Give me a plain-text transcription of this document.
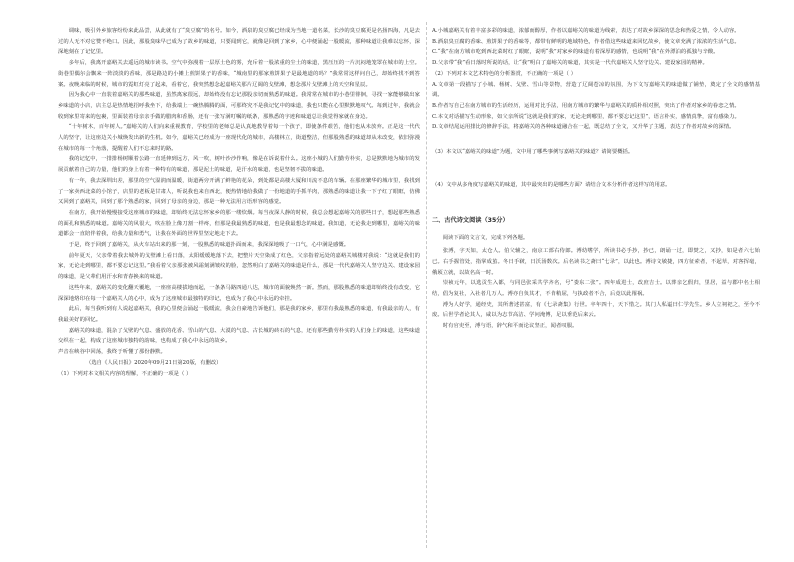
调味，吸引外乡旅客纷纷来此品尝，从此就有了“臭豆腐”的名号。如今，酒泉的臭豆腐已经成为当地一道名菜，长沙的臭豆腐更是名扬四海，凡是去过的人无不对它赞不绝口。因此，那股臭味早已成为了故乡的味道，只要闻到它，就像是回到了家乡，心中便涌起一股暖流，那种味道让我难以忘怀，深深地刻在了记忆里。

多年后，我离开嘉峪关去遥远的城市读书。空气中弥漫着一层厚土色的雾，充斥着一股浓重的尘土的味道，黑压压的一片沉闷地笼罩在城市的上空。街巷里偶尔会飘来一阵淡淡的香味，那是路边的小摊上煎饼果子的香味，“城南里的那家煎饼果子是最地道的吗？”我常常这样问自己，却始终找不到答案。夜晚来临的时候，城市的霓虹灯亮了起来，看着它，我突然想念起嘉峪关那片辽阔的戈壁滩，想念那片戈壁滩上的天空和星辰。

因为我心中一直装着嘉峪关的那些味道，虽然离家很远，却始终没有忘记那股亲切而熟悉的味道。我常常在城市的小巷里徘徊，寻找一家能够做出家乡味道的小店，店主总是热情地招呼我坐下，给我端上一碗热腾腾的面，可那终究不是我记忆中的味道，我也只能在心里默默地叹气。每到过年，我就会收到家里寄来的包裹，里面装着母亲亲手做的腊肉和香肠，还有一张写满叮嘱的纸条，那熟悉的字迹和味道总让我觉得家就在身边。

“十年树木，百年树人。”嘉峪关的人们向来重视教育，学校里的老师总是认真地教导着每一个孩子，即使条件艰苦，他们也从未放弃。正是这一代代人的坚守，让这座边关小城焕发出新的生机。如今，嘉峪关已经成为一座现代化的城市，高楼林立，街道整洁，但那股熟悉的味道却从未改变，依旧弥漫在城市的每一个角落，提醒着人们不忘来时的路。

我的记忆中，一排排杨树顺着公路一直延伸到远方，风一吹，树叶沙沙作响，像是在诉说着什么。这座小城的人们勤劳朴实，总是默默地为城市的发展贡献着自己的力量，他们的身上有着一种特有的味道，那是泥土的味道，是汗水的味道，也是坚韧不拔的味道。

有一年，我去深圳出差，那里的空气湿润而温暖，街道两旁开满了鲜艳的花朵，到处都是高楼大厦和川流不息的车辆。在那座繁华的城市里，我找到了一家卖西北菜的小馆子，店里的老板是甘肃人，听说我也来自西北，便热情地给我做了一份地道的手抓羊肉，那熟悉的味道让我一下子红了眼眶，仿佛又回到了嘉峪关，回到了那个熟悉的家，回到了母亲的身边，那是一种无法用言语形容的感觉。

在南方，我开始慢慢接受这座城市的味道，却始终无法忘怀家乡的那一缕炊烟。每当夜深人静的时候，我总会想起嘉峪关的那些日子，想起那些熟悉的面孔和熟悉的味道。嘉峪关的风很大，吹在脸上像刀割一样疼，但那是我最熟悉的味道，也是我最想念的味道。我知道，无论我走到哪里，嘉峪关的味道都会一直陪伴着我，给我力量和勇气，让我在外面的世界里坚定地走下去。

于是，终于回到了嘉峪关，从火车站出来的那一刻，一股熟悉的味道扑面而来，我深深地吸了一口气，心中满是感慨。

前年夏天，父亲带着我去城外的戈壁滩上看日落，太阳缓缓地落下去，把整片天空染成了红色，父亲指着远处的嘉峪关城楼对我说：“这就是我们的家，无论走到哪里，都不要忘记这里。”我看着父亲那张被风霜刻满皱纹的脸，忽然明白了嘉峪关的味道是什么，那是一代代嘉峪关人坚守边关、建设家园的味道，是父辈们用汗水和青春换来的味道。

这些年来，嘉峪关的变化翻天覆地，一座座高楼拔地而起，一条条马路四通八达，城市的面貌焕然一新。然而，那股熟悉的味道却始终没有改变，它深深地烙印在每一个嘉峪关人的心中，成为了这座城市最独特的印记，也成为了我心中永远的牵挂。

此后，每当我听到有人说起嘉峪关，我的心里便会涌起一股暖流，我会自豪地告诉他们，那是我的家乡，那里有我最熟悉的味道，有我最亲的人，有我最美好的回忆。

嘉峪关的味道，混杂了戈壁的气息、盛放的花香、雪山的气息、大漠的气息、古长城的砖石的气息，还有那些勤劳朴实的人们身上的味道，这些味道交织在一起，构成了这座城市独特的韵味，也构成了我心中永远的故乡。

声音在峡谷中回荡，我终于听懂了那份静默。

（选自《人民日报》2020年09月21日第20版，有删改）

（1）下列对本文相关内容的理解，不正确的一项是（ ）

A.小城嘉峪关有着丰富多彩的味道，浓郁而醇厚，作者以嘉峪关的味道为线索，表达了对故乡深深的思念和热爱之情，令人动容。

B.酒泉臭豆腐的香味、煎饼果子的香味等，都带有鲜明的地域特色，作者借这些味道来回忆故乡，使文章充满了浓浓的生活气息。

C.“我”在南方城市吃到西北菜时红了眼眶，说明“我”对家乡的味道有着深厚的感情，也说明“我”在外漂泊的孤独与辛酸。

D.父亲带“我”看日落时所说的话，让“我”明白了嘉峪关的味道，其实是一代代嘉峪关人坚守边关、建设家园的精神。

（2）下列对本文艺术特色的分析鉴赏，不正确的一项是（ ）

A.文章第一段描写了小城、杨树、戈壁、雪山等景物，营造了辽阔苍凉的氛围，为下文写嘉峪关的味道做了铺垫，奠定了全文的感情基调。

B.作者写自己在南方城市的生活经历，运用对比手法，用南方城市的繁华与嘉峪关的质朴相对照，突出了作者对家乡的眷恋之情。

C.本文对话描写生动形象，如父亲所说“这就是我们的家，无论走到哪里，都不要忘记这里”，语言朴实，感情真挚，富有感染力。

D.文章结尾运用排比的修辞手法，将嘉峪关的各种味道融合在一起，既总结了全文，又升华了主题，表达了作者对故乡的深情。

（3）本文以“嘉峪关的味道”为题，文中用了哪些事例写嘉峪关的味道？请简要概括。

（4）文中从多角度写嘉峪关的味道，其中最突出的是哪些方面？请结合文本分析作者这样写的用意。

二、古代诗文阅读（35分）

阅读下面的文言文，完成下列各题。

张溥，字天如，太仓人。伯父辅之，南京工部右侍郎。溥幼嗜学，所读书必手抄，抄已，朗诵一过，即焚之，又抄，如是者六七始已。右手握管处，指掌成茧。冬日手皲，日沃汤数次。后名读书之斋曰“七录”，以此也。溥诗文敏捷，四方征索者，不起草，对客挥毫，俄顷立就，以故名高一时。

崇祯元年，以选贡生入都，与同邑张采共学齐名，号“娄东二张”。四年成进士，改庶吉士。以葬亲乞假归，里居，益与郡中名士相结，倡为复社，入社者几万人。溥亦自负其才，不肯稍屈，与执政者不合，后竟以此罹祸。

溥为人好学，通经史，其所著述甚富，有《七录斋集》行世。卒年四十，天下惜之。其门人私谥曰仁学先生。乡人立祠祀之，至今不废。后世学者论其人，咸以为志节高洁、学问淹博，足以垂范后来云。

时有官吏至，溥与语，辞气和平而论议坚正，闻者叹服。
